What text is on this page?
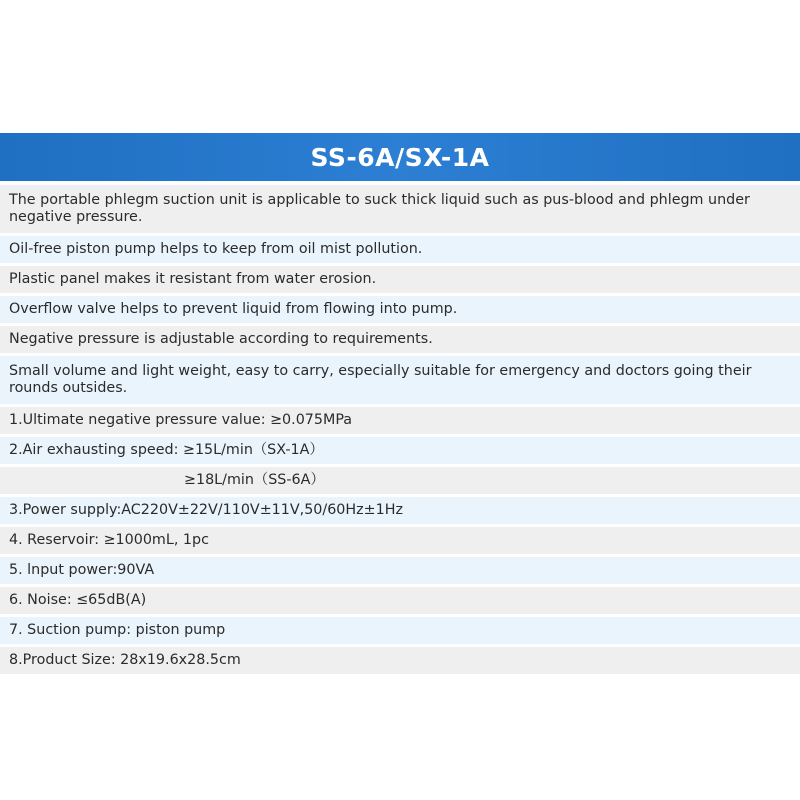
SS-6A/SX-1A
The portable phlegm suction unit is applicable to suck thick liquid such as pus-blood and phlegm under negative pressure.
Oil-free piston pump helps to keep from oil mist pollution.
Plastic panel makes it resistant from water erosion.
Overflow valve helps to prevent liquid from flowing into pump.
Negative pressure is adjustable according to requirements.
Small volume and light weight, easy to carry, especially suitable for emergency and doctors going their rounds outsides.
1.Ultimate negative pressure value: ≥0.075MPa
2.Air exhausting speed: ≥15L/min（SX-1A）
≥18L/min（SS-6A）
3.Power supply:AC220V±22V/110V±11V,50/60Hz±1Hz
4. Reservoir: ≥1000mL, 1pc
5. lnput power:90VA
6. Noise: ≤65dB(A)
7. Suction pump: piston pump
8.Product Size: 28x19.6x28.5cm
